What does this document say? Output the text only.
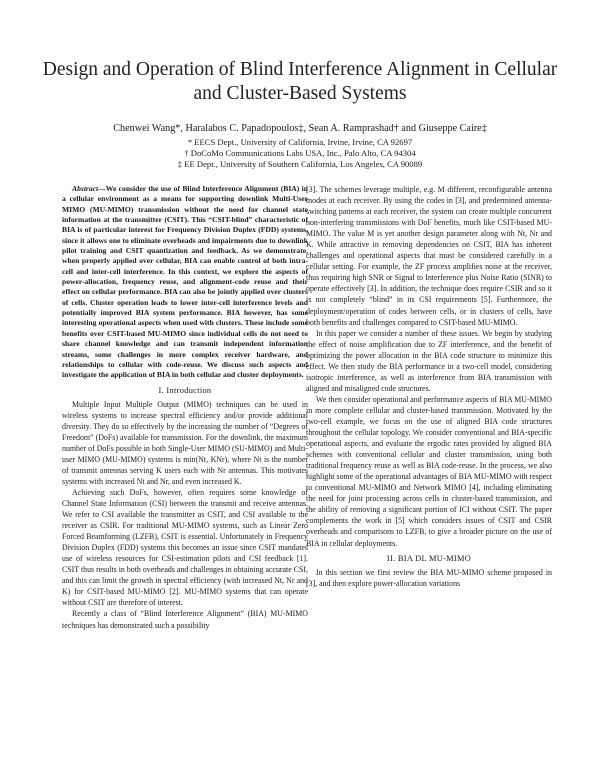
Design and Operation of Blind Interference Alignment in Cellular and Cluster-Based Systems
Chenwei Wang*, Haralabos C. Papadopoulos‡, Sean A. Ramprashad† and Giuseppe Caire‡
* EECS Dept., University of California, Irvine, Irvine, CA 92697
† DoCoMo Communications Labs USA, Inc., Palo Alto, CA 94304
‡ EE Dept., University of Southern California, Los Angeles, CA 90089

Abstract—We consider the use of Blind Interference Alignment (BIA) in a cellular environment as a means for supporting downlink Multi-User MIMO (MU-MIMO) transmission without the need for channel state information at the transmitter (CSIT). This “CSIT-blind” characteristic of BIA is of particular interest for Frequency Division Duplex (FDD) systems, since it allows one to eliminate overheads and impairments due to downlink pilot training and CSIT quantization and feedback. As we demonstrate, when properly applied over cellular, BIA can enable control of both intra-cell and inter-cell interference. In this context, we explore the aspects of power-allocation, frequency reuse, and alignment-code reuse and their effect on cellular performance. BIA can also be jointly applied over clusters of cells. Cluster operation leads to lower inter-cell interference levels and potentially improved BIA system performance. BIA however, has some interesting operational aspects when used with clusters. These include some benefits over CSIT-based MU-MIMO since individual cells do not need to share channel knowledge and can transmit independent information streams, some challenges in more complex receiver hardware, and relationships to cellular with code-reuse. We discuss such aspects and investigate the application of BIA in both cellular and cluster deployments.

I. Introduction

Multiple Input Multiple Output (MIMO) techniques can be used in wireless systems to increase spectral efficiency and/or provide additional diversity. They do so effectively by the increasing the number of “Degrees of Freedom” (DoFs) available for transmission. For the downlink, the maximum number of DoFs possible in both Single-User MIMO (SU-MIMO) and Multi-user MIMO (MU-MIMO) systems is min(Nt, KNr), where Nt is the number of transmit antennas serving K users each with Nr antennas. This motivates systems with increased Nt and Nr, and even increased K.

Achieving such DoFs, however, often requires some knowledge of Channel State Information (CSI) between the transmit and receive antennas. We refer to CSI available the transmitter as CSIT, and CSI available to the receiver as CSIR. For traditional MU-MIMO systems, such as Linear Zero Forced Beamforming (LZFB), CSIT is essential. Unfortunately in Frequency Division Duplex (FDD) systems this becomes an issue since CSIT mandates use of wireless resources for CSI-estimation pilots and CSI feedback [1]. CSIT thus results in both overheads and challenges in obtaining accurate CSI, and this can limit the growth in spectral efficiency (with increased Nt, Nr and K) for CSIT-based MU-MIMO [2]. MU-MIMO systems that can operate without CSIT are therefore of interest.

Recently a class of “Blind Interference Alignment” (BIA) MU-MIMO techniques has demonstrated such a possibility

[3]. The schemes leverage multiple, e.g. M different, reconfigurable antenna modes at each receiver. By using the codes in [3], and predermined antenna-switching patterns at each receiver, the system can create multiple concurrent non-interfering transmissions with DoF benefits, much like CSIT-based MU-MIMO. The value M is yet another design parameter along with Nt, Nr and K. While attractive in removing dependencies on CSIT, BIA has inherent challenges and operational aspects that must be considered carefully in a cellular setting. For example, the ZF process amplifies noise at the receiver, thus requiring high SNR or Signal to Interference plus Noise Ratio (SINR) to operate effectively [3]. In addition, the technique does require CSIR and so it is not completely “blind” in its CSI requirements [5]. Furthermore, the deployment/operation of codes between cells, or in clusters of cells, have both benefits and challenges compared to CSIT-based MU-MIMO.

In this paper we consider a number of these issues. We begin by studying the effect of noise amplification due to ZF interference, and the benefit of optimizing the power allocation in the BIA code structure to minimize this effect. We then study the BIA performance in a two-cell model, considering isotropic interference, as well as interference from BIA transmission with aligned and misaligned code structures.

We then consider operational and performance aspects of BIA MU-MIMO in more complete cellular and cluster-based transmission. Motivated by the two-cell example, we focus on the use of aligned BIA code structures throughout the cellular topology. We consider conventional and BIA-specific operational aspects, and evaluate the ergodic rates provided by aligned BIA schemes with conventional cellular and cluster transmission, using both traditional frequency reuse as well as BIA code-reuse. In the process, we also highlight some of the operational advantages of BIA MU-MIMO with respect to conventional MU-MIMO and Network MIMO [4], including eliminating the need for joint processing across cells in cluster-based transmission, and the ability of removing a significant portion of ICI without CSIT. The paper complements the work in [5] which considers issues of CSIT and CSIR overheads and comparisons to LZFB, to give a broader picture on the use of BIA in cellular deployments.

II. BIA DL MU-MIMO

In this section we first review the BIA MU-MIMO scheme proposed in [3], and then explore power-allocation variations
